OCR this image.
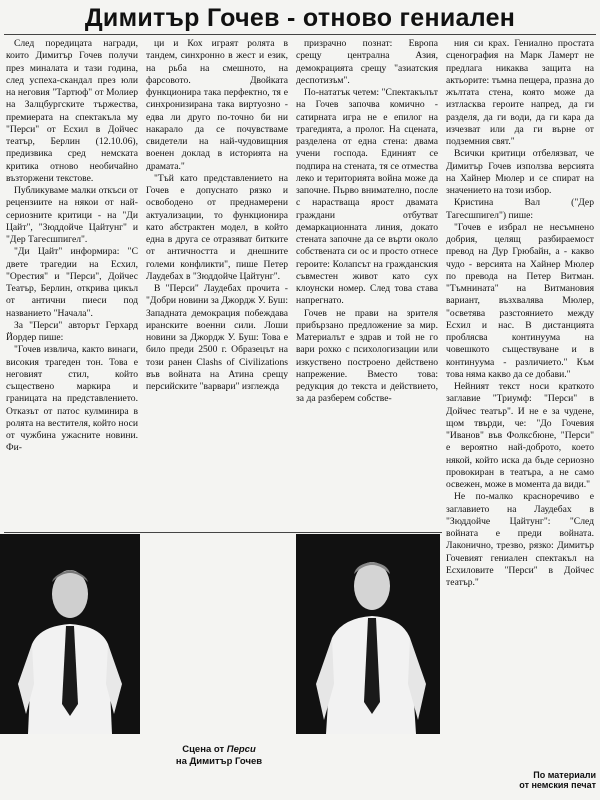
Димитър Гочев - отново гениален

След поредицата награди, които Димитър Гочев получи през миналата и тази година, след успеха-скандал през юли на неговия "Тартюф" от Молиер на Залцбургските тържества, премиерата на спектакъла му "Перси" от Есхил в Дойчес театър, Берлин (12.10.06), предизвика сред немската критика отново необичайно възторжени текстове.

Публикуваме малки откъси от рецензиите на някои от най-сериозните критици - на "Ди Цайт", "Зюддойче Цайтунг" и "Дер Тагесшпигел".

"Ди Цайт" информира: "С двете трагедии на Есхил, "Орестия" и "Перси", Дойчес Театър, Берлин, открива цикъл от антични пиеси под названието "Начала".

За "Перси" авторът Герхард Йордер пише:

"Гочев извлича, както винаги, високия трагеден тон. Това е неговият стил, който съществено маркира и границата на представлението. Отказът от патос кулминира в ролята на вестителя, който носи от чужбина ужасните новини. Фи-

ци и Кох играят ролята в тандем, синхронно в жест и език, на рьба на смешното, на фарсовото. Двойката функционира така перфектно, тя е синхронизирана така виртуозно - едва ли друго по-точно би ни накарало да се почувстваме свидетели на най-чудовищния военен доклад в историята на драмата."

"Тъй като представлението на Гочев е допуснато рязко и освободено от преднамерени актуализации, то функционира като абстрактен модел, в който една в друга се отразяват битките от античността и днешните големи конфликти", пише Петер Лаудебах в "Зюддойче Цайтунг".

В "Перси" Лаудебах прочита - "Добри новини за Джордж У. Буш: Западната демокрация побеждава иранските военни сили. Лоши новини за Джордж У. Буш: Това е било преди 2500 г. Образецът на този ранен Clashs of Civilizations във войната на Атина срещу персийските "варвари" изглежда

призрачно познат: Европа срещу централна Азия, демокрацията срещу "азиатския деспотизъм".

По-нататък четем: "Спектакълът на Гочев започва комично - сатирната игра не е епилог на трагедията, а пролог. На сцената, разделена от една стена: двама учени господа. Единият се подпира на стената, тя се отмества леко и територията война може да започне. Първо внимателно, после с нарастваща ярост двамата граждани отбутват демаркационната линия, докато стената започне да се върти около собствената си ос и просто отнесе героите: Колапсът на гражданския съвместен живот като сух клоунски номер. След това става напрегнато.

Гочев не прави на зрителя прибързано предложение за мир. Материалът е здрав и той не го вари рохко с психологизации или изкуствено построено действено напрежение. Вместо това: редукция до текста и действието, за да разберем собстве-

ния си крах. Гениално простата сценография на Марк Ламерт не предлага никаква защита на актьорите: тъмна пещера, празна до жълтата стена, която може да изтласква героите напред, да ги разделя, да ги води, да ги кара да изчезват или да ги върне от подземния свят."

Всички критици отбелязват, че Димитър Гочев използва версията на Хайнер Мюлер и се спират на значението на този избор.

Кристина Вал ("Дер Тагесшпигел") пише:

"Гочев е избрал не несъмнено добрия, целящ разбираемост превод на Дур Грюбайн, а - какво чудо - версията на Хайнер Мюлер по превода на Петер Витман. "Тъмнината" на Витмановия вариант, възхвалява Мюлер, "осветява разстоянието между Есхил и нас. В дистанцията проблясва континуума на човешкото съществуване и в континуума - различието." Към това няма какво да се добави."

Нейният текст носи краткото заглавие "Триумф: "Перси" в Дойчес театър". И не е за чудене, щом твърди, че: "До Гочевия "Иванов" във Фолксбюне, "Перси" е вероятно най-доброто, което някой, който иска да бъде сериозно провокиран в театъра, а не само освежен, може в момента да види."

Не по-малко красноречиво е заглавието на Лаудебах в "Зюддойче Цайтунг": "След войната е преди войната. Лаконично, трезво, рязко: Димитър Гочевият гениален спектакъл на Есхиловите "Перси" в Дойчес театър."

Сцена от Перси
на Димитър Гочев
По материали
от немския печат
